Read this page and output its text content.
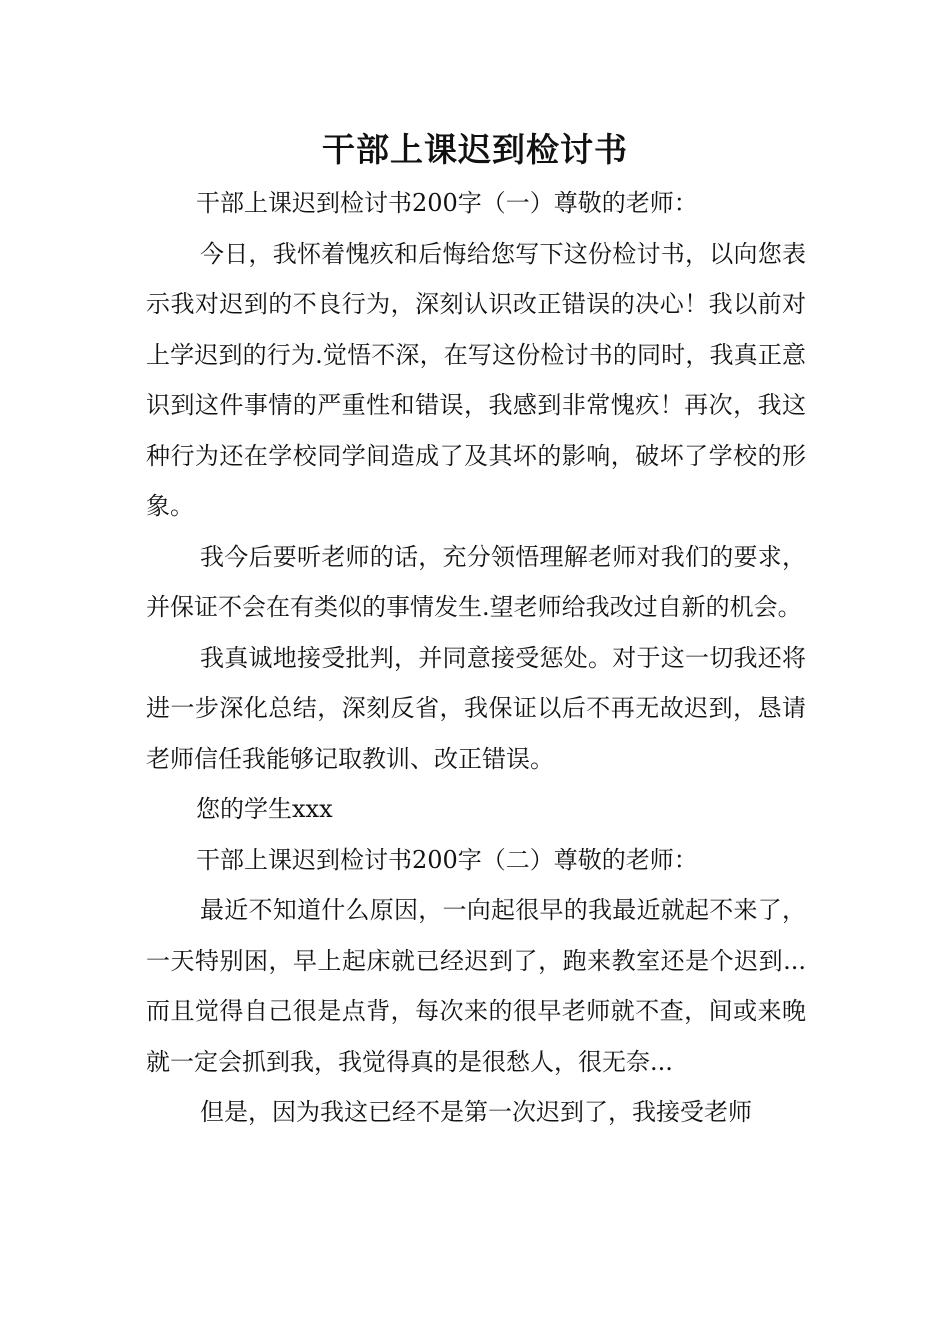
干部上课迟到检讨书

干部上课迟到检讨书200字（一）尊敬的老师：

今日，我怀着愧疚和后悔给您写下这份检讨书，以向您表示我对迟到的不良行为，深刻认识改正错误的决心！我以前对上学迟到的行为.觉悟不深，在写这份检讨书的同时，我真正意识到这件事情的严重性和错误，我感到非常愧疚！再次，我这种行为还在学校同学间造成了及其坏的影响，破坏了学校的形象。

我今后要听老师的话，充分领悟理解老师对我们的要求，并保证不会在有类似的事情发生.望老师给我改过自新的机会。

我真诚地接受批判，并同意接受惩处。对于这一切我还将进一步深化总结，深刻反省，我保证以后不再无故迟到，恳请老师信任我能够记取教训、改正错误。

您的学生xxx

干部上课迟到检讨书200字（二）尊敬的老师：

最近不知道什么原因，一向起很早的我最近就起不来了，一天特别困，早上起床就已经迟到了，跑来教室还是个迟到...而且觉得自己很是点背，每次来的很早老师就不查，间或来晚就一定会抓到我，我觉得真的是很愁人，很无奈...

但是，因为我这已经不是第一次迟到了，我接受老师
